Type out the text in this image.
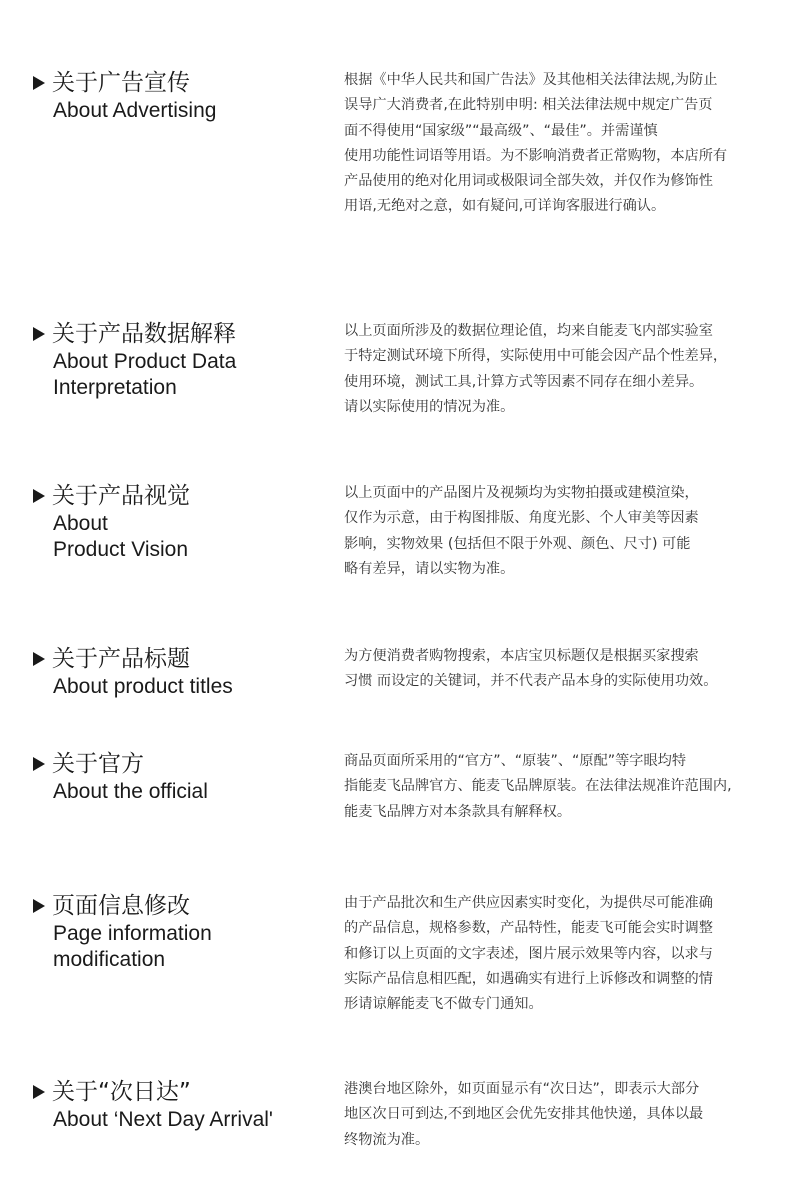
关于广告宣传
About Advertising
根据《中华人民共和国广告法》及其他相关法律法规,为防止
误导广大消费者,在此特别申明: 相关法律法规中规定广告页
面不得使用“国家级”“最高级”、“最佳”。并需谨慎
使用功能性词语等用语。为不影响消费者正常购物，本店所有
产品使用的绝对化用词或极限词全部失效，并仅作为修饰性
用语,无绝对之意，如有疑问,可详询客服进行确认。
关于产品数据解释
About Product Data
Interpretation
以上页面所涉及的数据位理论值，均来自能麦飞内部实验室
于特定测试环境下所得，实际使用中可能会因产品个性差异，
使用环境，测试工具,计算方式等因素不同存在细小差异。
请以实际使用的情况为准。
关于产品视觉
About
Product Vision
以上页面中的产品图片及视频均为实物拍摄或建模渲染，
仅作为示意，由于构图排版、角度光影、个人审美等因素
影响，实物效果 (包括但不限于外观、颜色、尺寸) 可能
略有差异，请以实物为准。
关于产品标题
About product titles
为方便消费者购物搜索，本店宝贝标题仅是根据买家搜索
习惯 而设定的关键词，并不代表产品本身的实际使用功效。
关于官方
About the official
商品页面所采用的“官方”、“原装”、“原配”等字眼均特
指能麦飞品牌官方、能麦飞品牌原装。在法律法规准许范围内,
能麦飞品牌方对本条款具有解释权。
页面信息修改
Page information
modification
由于产品批次和生产供应因素实时变化，为提供尽可能准确
的产品信息，规格参数，产品特性，能麦飞可能会实时调整
和修订以上页面的文字表述，图片展示效果等内容，以求与
实际产品信息相匹配，如遇确实有进行上诉修改和调整的情
形请谅解能麦飞不做专门通知。
关于“次日达”
About ‘Next Day Arrival'
港澳台地区除外，如页面显示有“次日达”，即表示大部分
地区次日可到达,不到地区会优先安排其他快递，具体以最
终物流为准。
